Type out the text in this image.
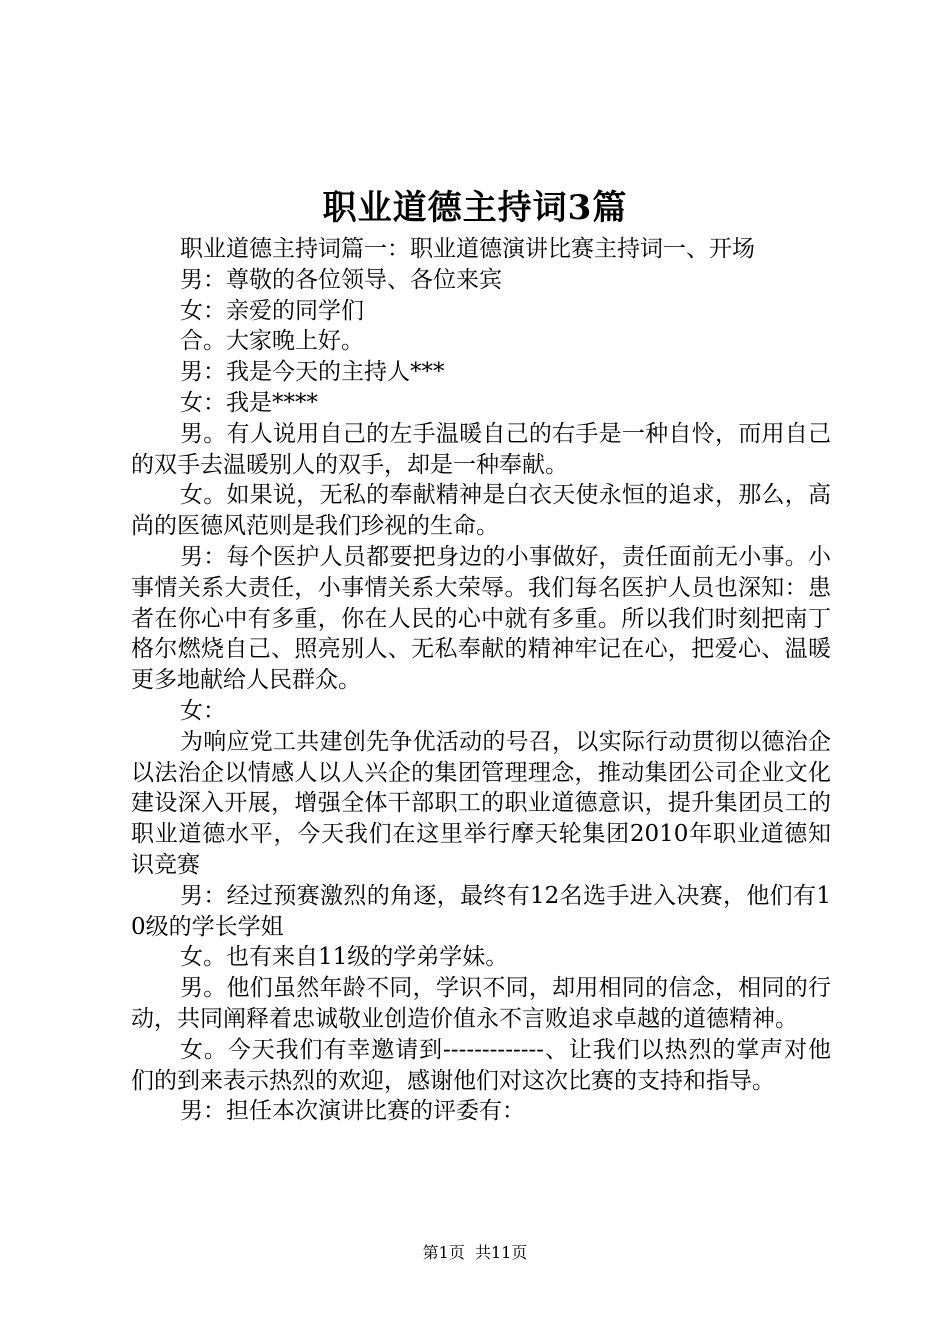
职业道德主持词3篇

职业道德主持词篇一：职业道德演讲比赛主持词一、开场

男：尊敬的各位领导、各位来宾

女：亲爱的同学们

合。大家晚上好。

男：我是今天的主持人***

女：我是****

男。有人说用自己的左手温暖自己的右手是一种自怜，而用自己的双手去温暖别人的双手，却是一种奉献。

女。如果说，无私的奉献精神是白衣天使永恒的追求，那么，高尚的医德风范则是我们珍视的生命。

男：每个医护人员都要把身边的小事做好，责任面前无小事。小事情关系大责任，小事情关系大荣辱。我们每名医护人员也深知：患者在你心中有多重，你在人民的心中就有多重。所以我们时刻把南丁格尔燃烧自己、照亮别人、无私奉献的精神牢记在心，把爱心、温暖更多地献给人民群众。

女：

为响应党工共建创先争优活动的号召，以实际行动贯彻以德治企以法治企以情感人以人兴企的集团管理理念，推动集团公司企业文化建设深入开展，增强全体干部职工的职业道德意识，提升集团员工的职业道德水平，今天我们在这里举行摩天轮集团2010年职业道德知识竞赛

男：经过预赛激烈的角逐，最终有12名选手进入决赛，他们有10级的学长学姐

女。也有来自11级的学弟学妹。

男。他们虽然年龄不同，学识不同，却用相同的信念，相同的行动，共同阐释着忠诚敬业创造价值永不言败追求卓越的道德精神。

女。今天我们有幸邀请到-------------、让我们以热烈的掌声对他们的到来表示热烈的欢迎，感谢他们对这次比赛的支持和指导。

男：担任本次演讲比赛的评委有：

第1页  共11页
